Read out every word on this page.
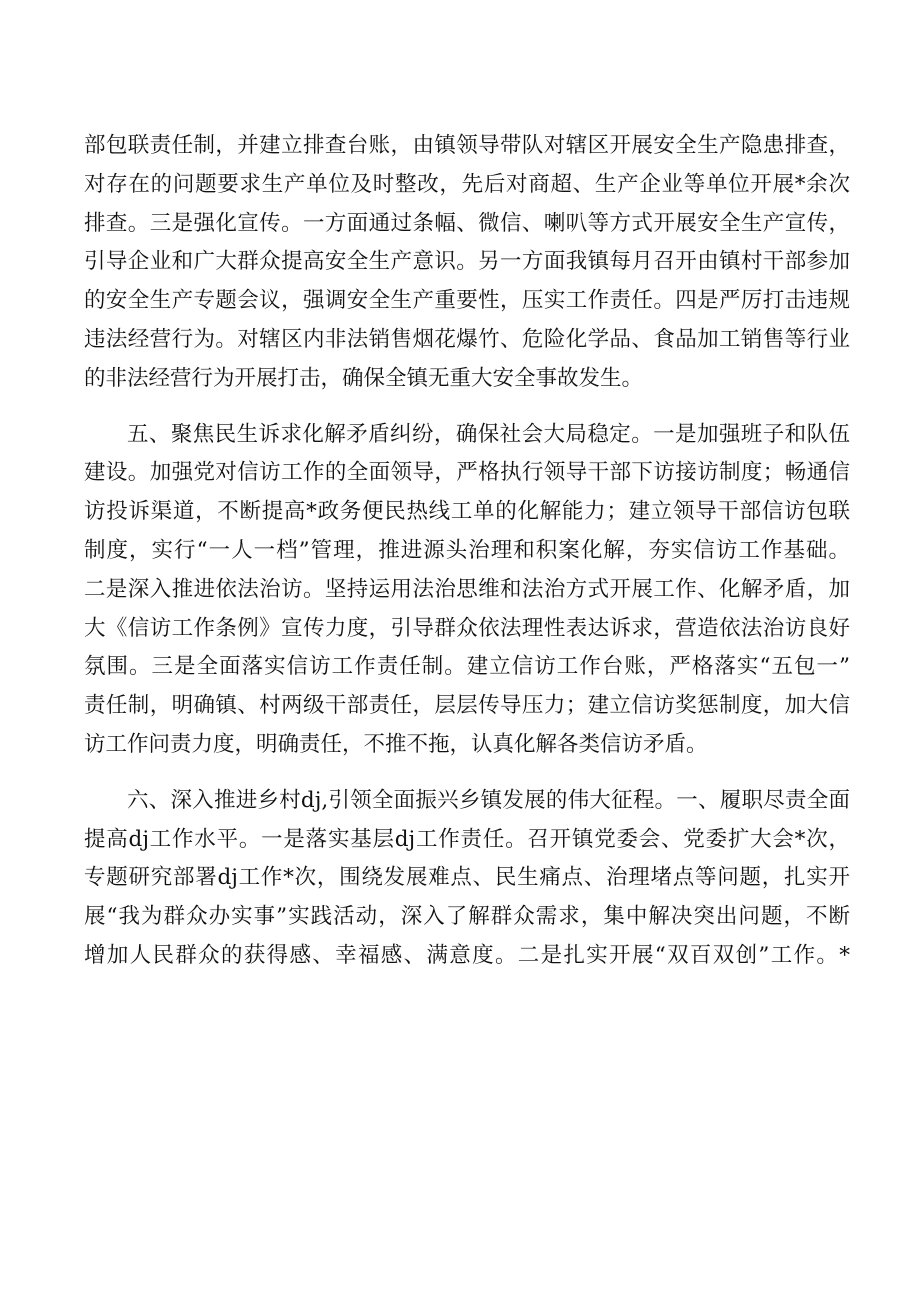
部包联责任制，并建立排查台账，由镇领导带队对辖区开展安全生产隐患排查，
对存在的问题要求生产单位及时整改，先后对商超、生产企业等单位开展*余次
排查。三是强化宣传。一方面通过条幅、微信、喇叭等方式开展安全生产宣传，
引导企业和广大群众提高安全生产意识。另一方面我镇每月召开由镇村干部参加
的安全生产专题会议，强调安全生产重要性，压实工作责任。四是严厉打击违规
违法经营行为。对辖区内非法销售烟花爆竹、危险化学品、食品加工销售等行业
的非法经营行为开展打击，确保全镇无重大安全事故发生。
五、聚焦民生诉求化解矛盾纠纷，确保社会大局稳定。一是加强班子和队伍
建设。加强党对信访工作的全面领导，严格执行领导干部下访接访制度；畅通信
访投诉渠道，不断提高*政务便民热线工单的化解能力；建立领导干部信访包联
制度，实行“一人一档”管理，推进源头治理和积案化解，夯实信访工作基础。
二是深入推进依法治访。坚持运用法治思维和法治方式开展工作、化解矛盾，加
大《信访工作条例》宣传力度，引导群众依法理性表达诉求，营造依法治访良好
氛围。三是全面落实信访工作责任制。建立信访工作台账，严格落实“五包一”
责任制，明确镇、村两级干部责任，层层传导压力；建立信访奖惩制度，加大信
访工作问责力度，明确责任，不推不拖，认真化解各类信访矛盾。
六、深入推进乡村dj,引领全面振兴乡镇发展的伟大征程。一、履职尽责全面
提高dj工作水平。一是落实基层dj工作责任。召开镇党委会、党委扩大会*次，
专题研究部署dj工作*次，围绕发展难点、民生痛点、治理堵点等问题，扎实开
展“我为群众办实事”实践活动，深入了解群众需求，集中解决突出问题，不断
增加人民群众的获得感、幸福感、满意度。二是扎实开展“双百双创”工作。*
